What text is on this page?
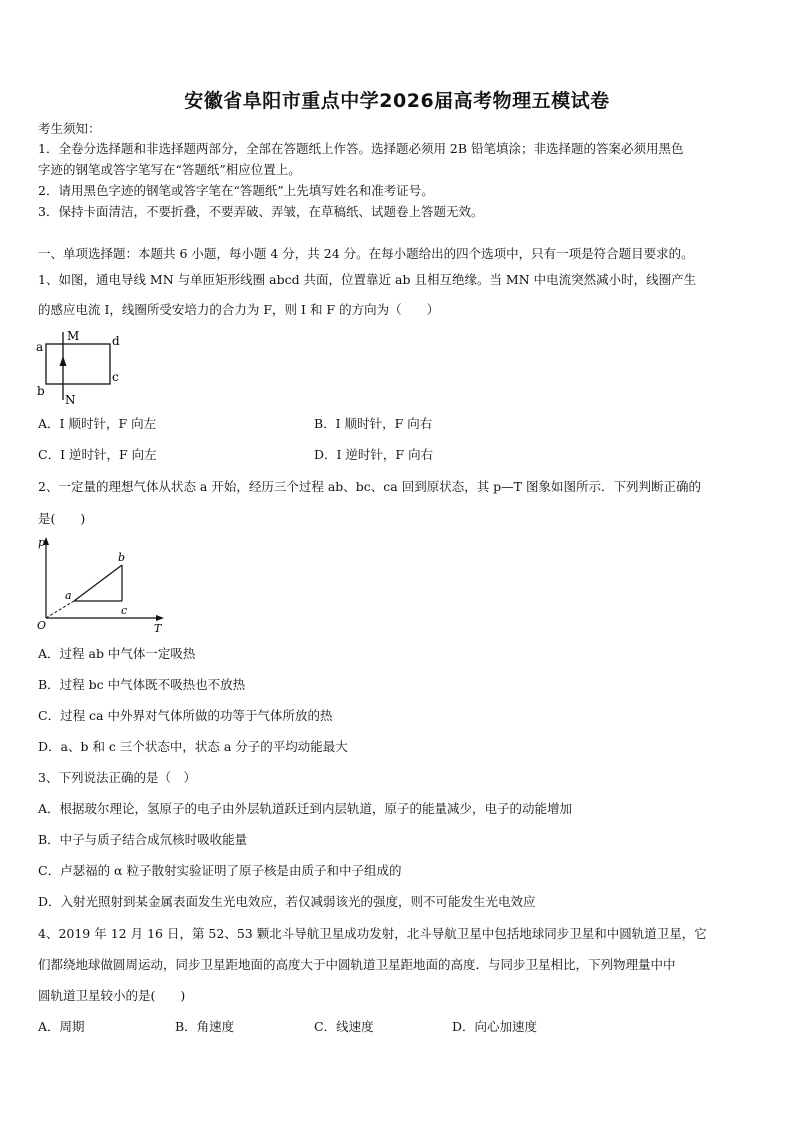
安徽省阜阳市重点中学2026届高考物理五模试卷
考生须知：
1．全卷分选择题和非选择题两部分，全部在答题纸上作答。选择题必须用 2B 铅笔填涂；非选择题的答案必须用黑色
字迹的钢笔或答字笔写在“答题纸”相应位置上。
2．请用黑色字迹的钢笔或答字笔在“答题纸”上先填写姓名和准考证号。
3．保持卡面清洁，不要折叠，不要弄破、弄皱，在草稿纸、试题卷上答题无效。
一、单项选择题：本题共 6 小题，每小题 4 分，共 24 分。在每小题给出的四个选项中，只有一项是符合题目要求的。
1、如图，通电导线 MN 与单匝矩形线圈 abcd 共面，位置靠近 ab 且相互绝缘。当 MN 中电流突然减小时，线圈产生
的感应电流 I，线圈所受安培力的合力为 F，则 I 和 F 的方向为（　　）
a
b
c
d
M
N
A．I 顺时针，F 向左	B．I 顺时针，F 向右
C．I 逆时针，F 向左	D．I 逆时针，F 向右
2、一定量的理想气体从状态 a 开始，经历三个过程 ab、bc、ca 回到原状态，其 p—T 图象如图所示．下列判断正确的
是(　　)
p
T
O
a
b
c
A．过程 ab 中气体一定吸热
B．过程 bc 中气体既不吸热也不放热
C．过程 ca 中外界对气体所做的功等于气体所放的热
D．a、b 和 c 三个状态中，状态 a 分子的平均动能最大
3、下列说法正确的是（　）
A．根据玻尔理论，氢原子的电子由外层轨道跃迁到内层轨道，原子的能量减少，电子的动能增加
B．中子与质子结合成氘核时吸收能量
C．卢瑟福的 α 粒子散射实验证明了原子核是由质子和中子组成的
D．入射光照射到某金属表面发生光电效应，若仅减弱该光的强度，则不可能发生光电效应
4、2019 年 12 月 16 日，第 52、53 颗北斗导航卫星成功发射，北斗导航卫星中包括地球同步卫星和中圆轨道卫星，它
们都绕地球做圆周运动，同步卫星距地面的高度大于中圆轨道卫星距地面的高度．与同步卫星相比，下列物理量中中
圆轨道卫星较小的是(　　)
A．周期	B．角速度	C．线速度	D．向心加速度
